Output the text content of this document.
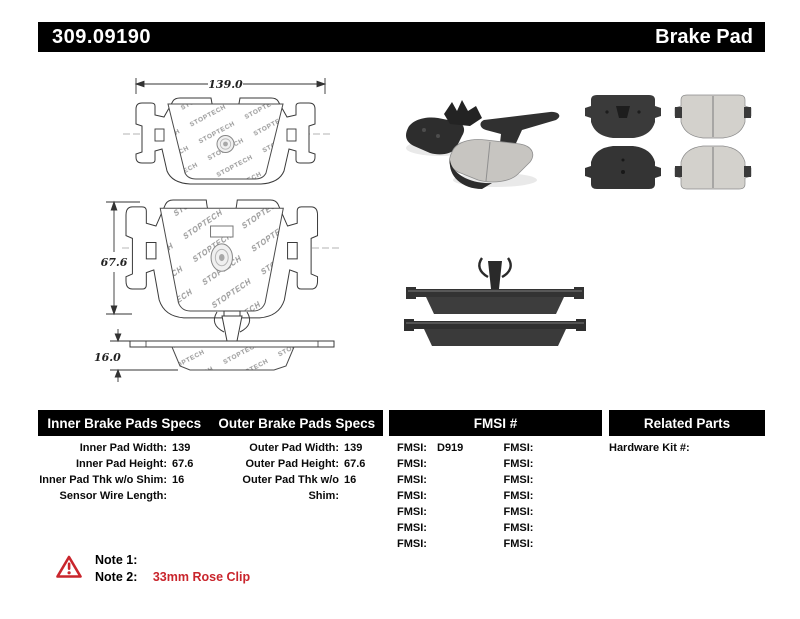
309.09190	Brake Pad
139.0
67.6
16.0
Inner Brake Pads Specs	Outer Brake Pads Specs	FMSI #	Related Parts
Inner Pad Width: 139
Inner Pad Height: 67.6
Inner Pad Thk w/o Shim: 16
Sensor Wire Length:
Outer Pad Width: 139
Outer Pad Height: 67.6
Outer Pad Thk w/o Shim:
16
FMSI: D919	FMSI:
FMSI:	FMSI:
FMSI:	FMSI:
FMSI:	FMSI:
FMSI:	FMSI:
FMSI:	FMSI:
FMSI:	FMSI:
Hardware Kit #:
Note 1:
Note 2: 33mm Rose Clip
